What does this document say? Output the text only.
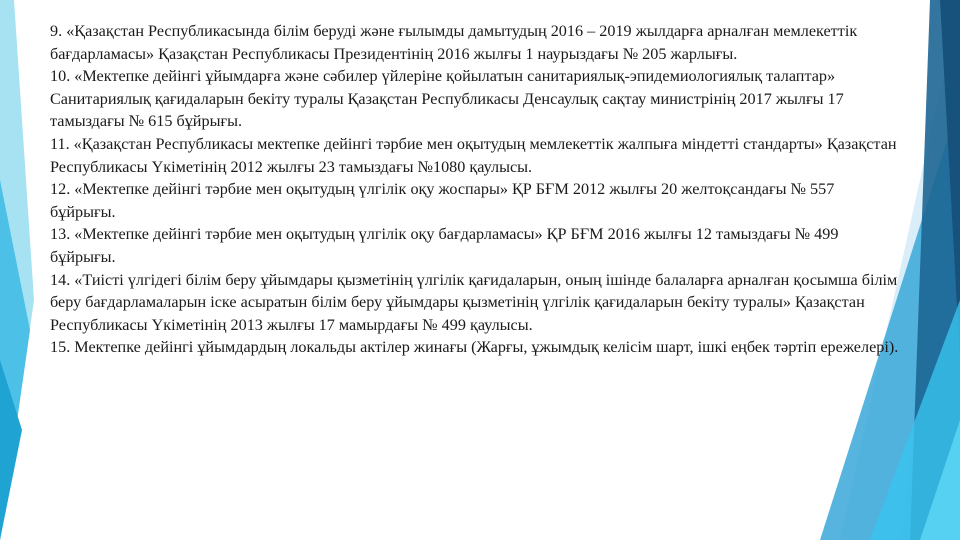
9. «Қазақстан Республикасында білім беруді және ғылымды дамытудың 2016 – 2019 жылдарға арналған мемлекеттік бағдарламасы» Қазақстан Республикасы Президентінің 2016 жылғы 1 наурыздағы № 205 жарлығы.

10. «Мектепке дейінгі ұйымдарға және сәбилер үйлеріне қойылатын санитариялық-эпидемиологиялық талаптар» Санитариялық қағидаларын бекіту туралы Қазақстан Республикасы Денсаулық сақтау министрінің 2017 жылғы 17 тамыздағы № 615 бұйрығы.

11. «Қазақстан Республикасы мектепке дейінгі тәрбие мен оқытудың мемлекеттік жалпыға міндетті стандарты» Қазақстан Республикасы Үкіметінің 2012 жылғы 23 тамыздағы №1080 қаулысы.

12. «Мектепке дейінгі тәрбие мен оқытудың үлгілік оқу жоспары» ҚР БҒМ 2012 жылғы 20 желтоқсандағы № 557 бұйрығы.

13. «Мектепке дейінгі тәрбие мен оқытудың үлгілік оқу бағдарламасы» ҚР БҒМ 2016 жылғы 12 тамыздағы № 499 бұйрығы.

14. «Тиісті үлгідегі білім беру ұйымдары қызметінің үлгілік қағидаларын, оның ішінде балаларға арналған қосымша білім беру бағдарламаларын іске асыратын білім беру ұйымдары қызметінің үлгілік қағидаларын бекіту туралы» Қазақстан Республикасы Үкіметінің 2013 жылғы 17 мамырдағы № 499 қаулысы.

15. Мектепке дейінгі ұйымдардың локальды актілер жинағы (Жарғы, ұжымдық келісім шарт, ішкі еңбек тәртіп ережелері).
